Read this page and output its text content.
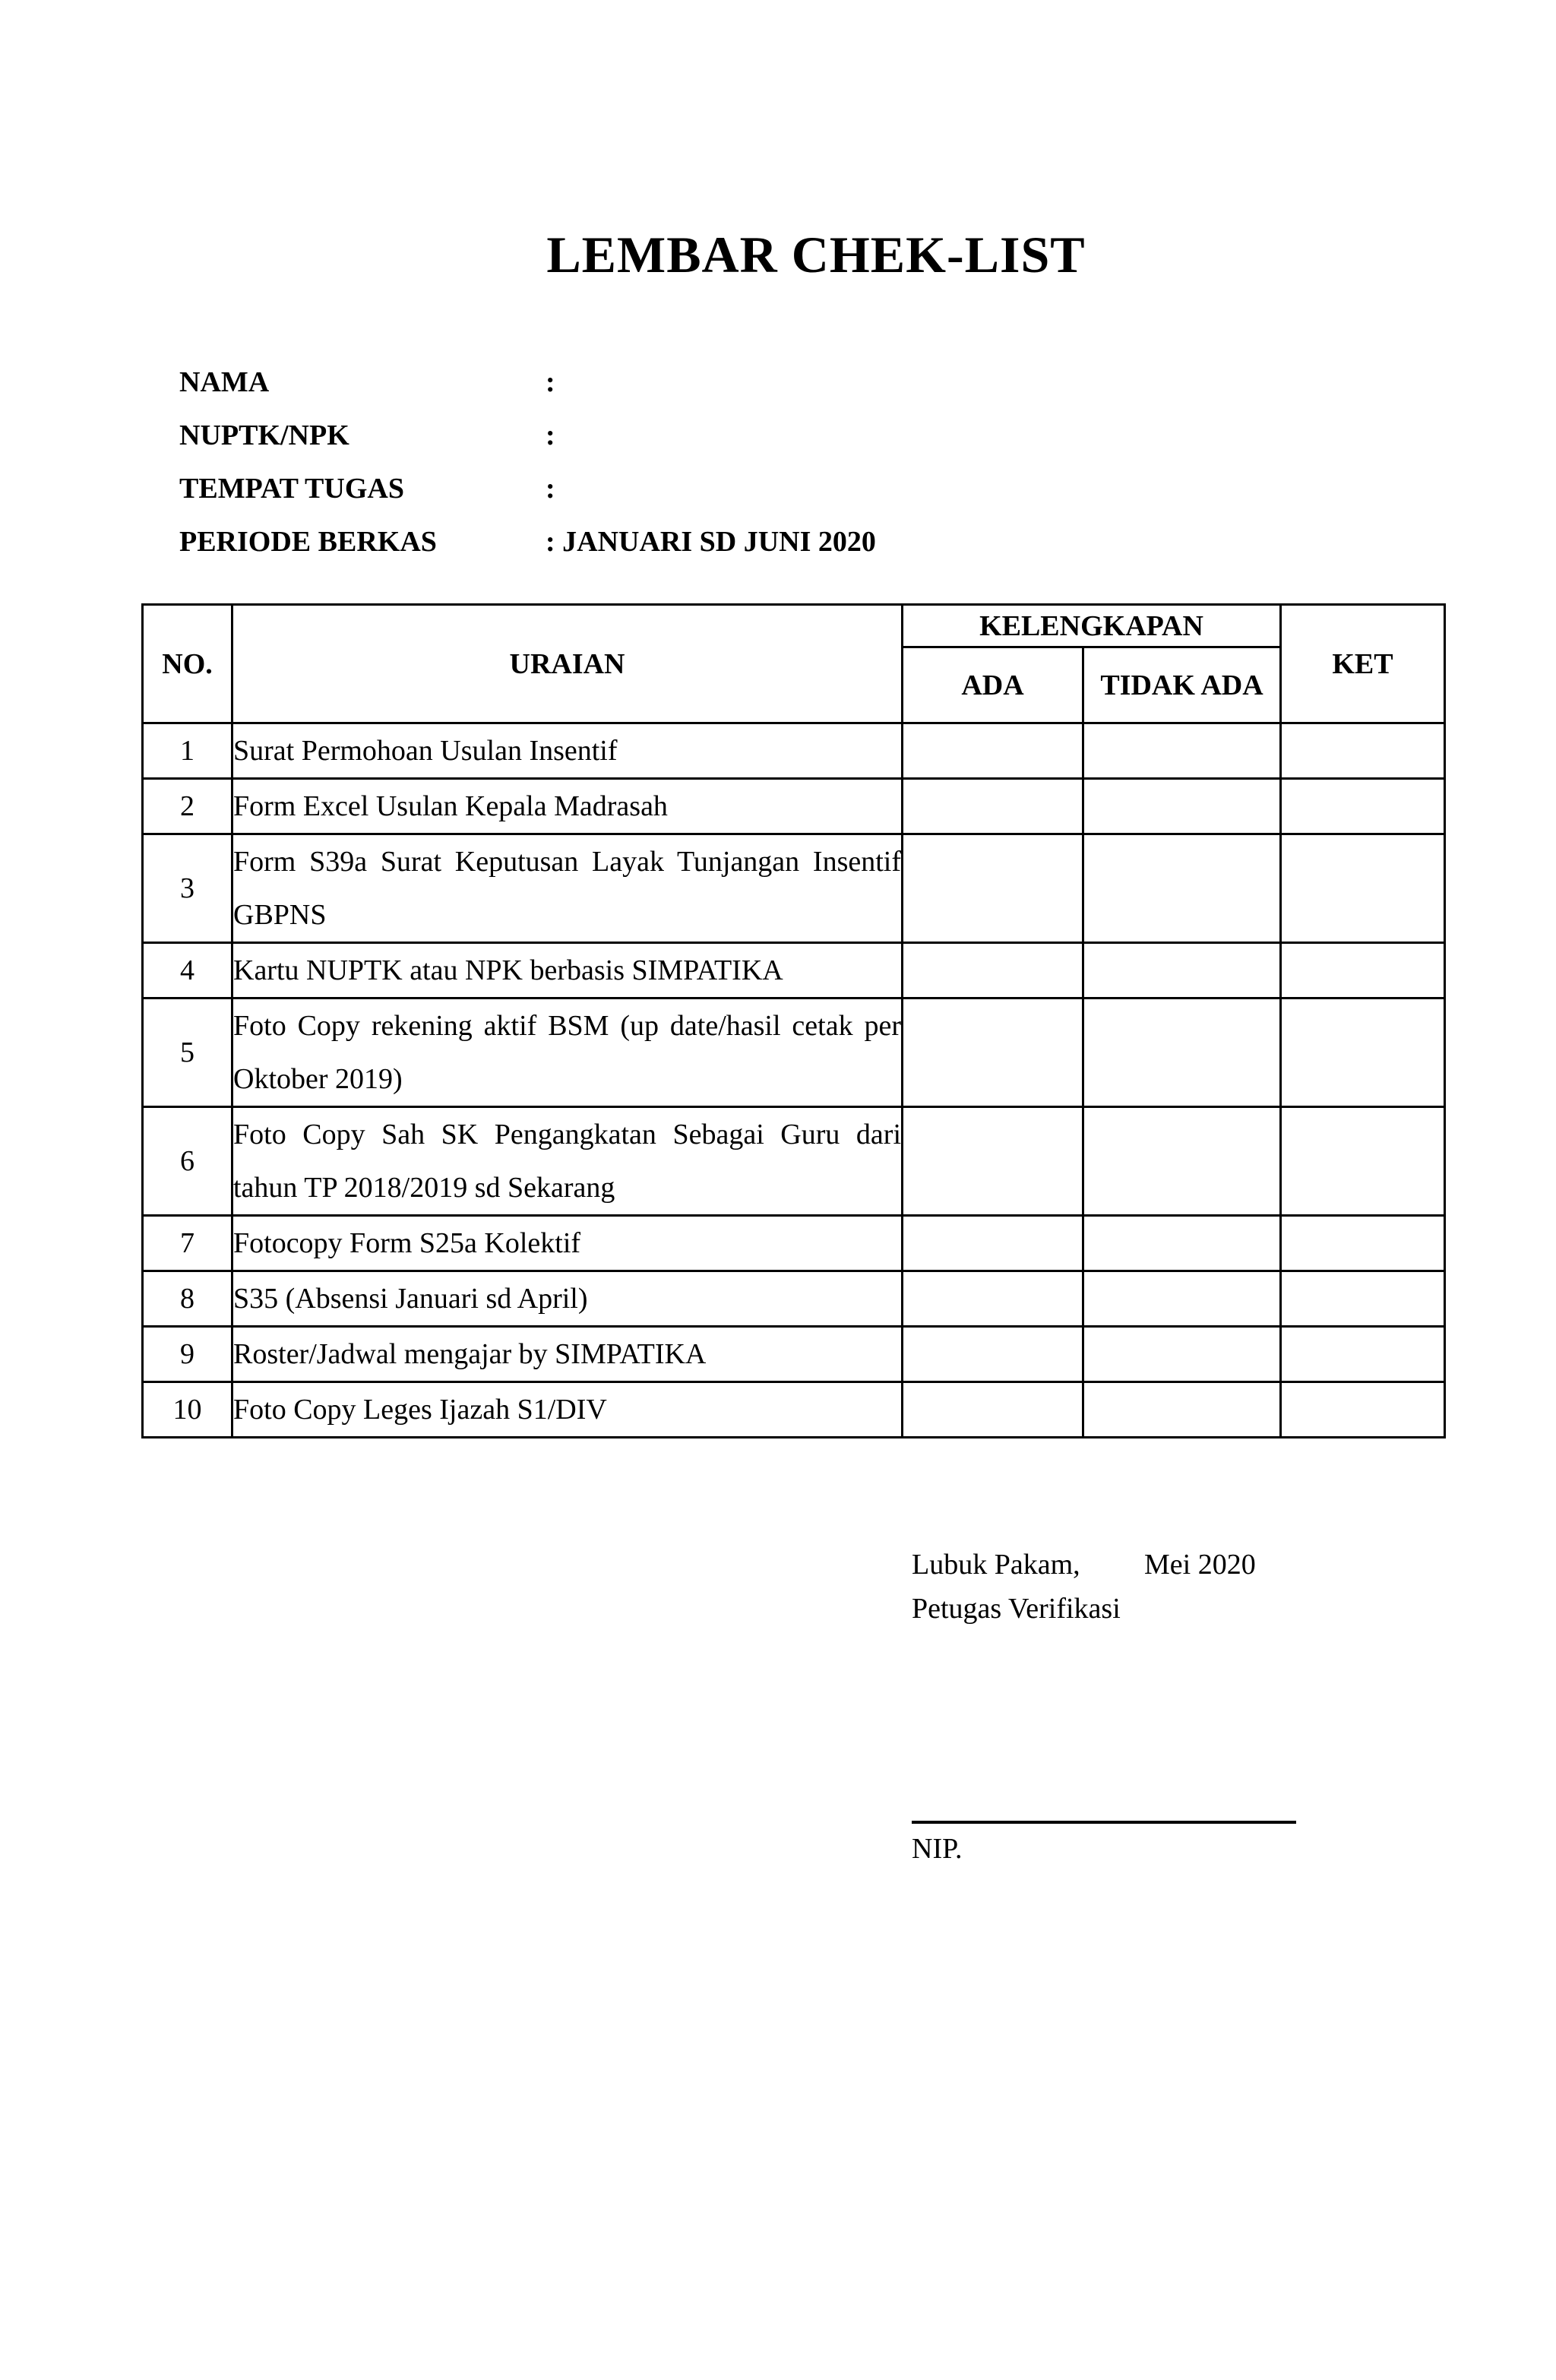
LEMBAR CHEK-LIST
NAMA	:
NUPTK/NPK	:
TEMPAT TUGAS	:
PERIODE BERKAS	: JANUARI SD JUNI 2020
NO.	URAIAN	KELENGKAPAN		KET
		ADA	TIDAK ADA	
1	Surat Permohoan Usulan Insentif			
2	Form Excel Usulan Kepala Madrasah			
3	Form S39a Surat Keputusan Layak Tunjangan Insentif GBPNS			
4	Kartu NUPTK atau NPK berbasis SIMPATIKA			
5	Foto Copy rekening aktif BSM (up date/hasil cetak per Oktober 2019)			
6	Foto Copy Sah SK Pengangkatan Sebagai Guru dari tahun TP 2018/2019 sd Sekarang			
7	Fotocopy Form S25a Kolektif			
8	S35 (Absensi Januari sd April)			
9	Roster/Jadwal mengajar by SIMPATIKA			
10	Foto Copy Leges Ijazah S1/DIV			
Lubuk Pakam, Mei 2020
Petugas Verifikasi
NIP.
